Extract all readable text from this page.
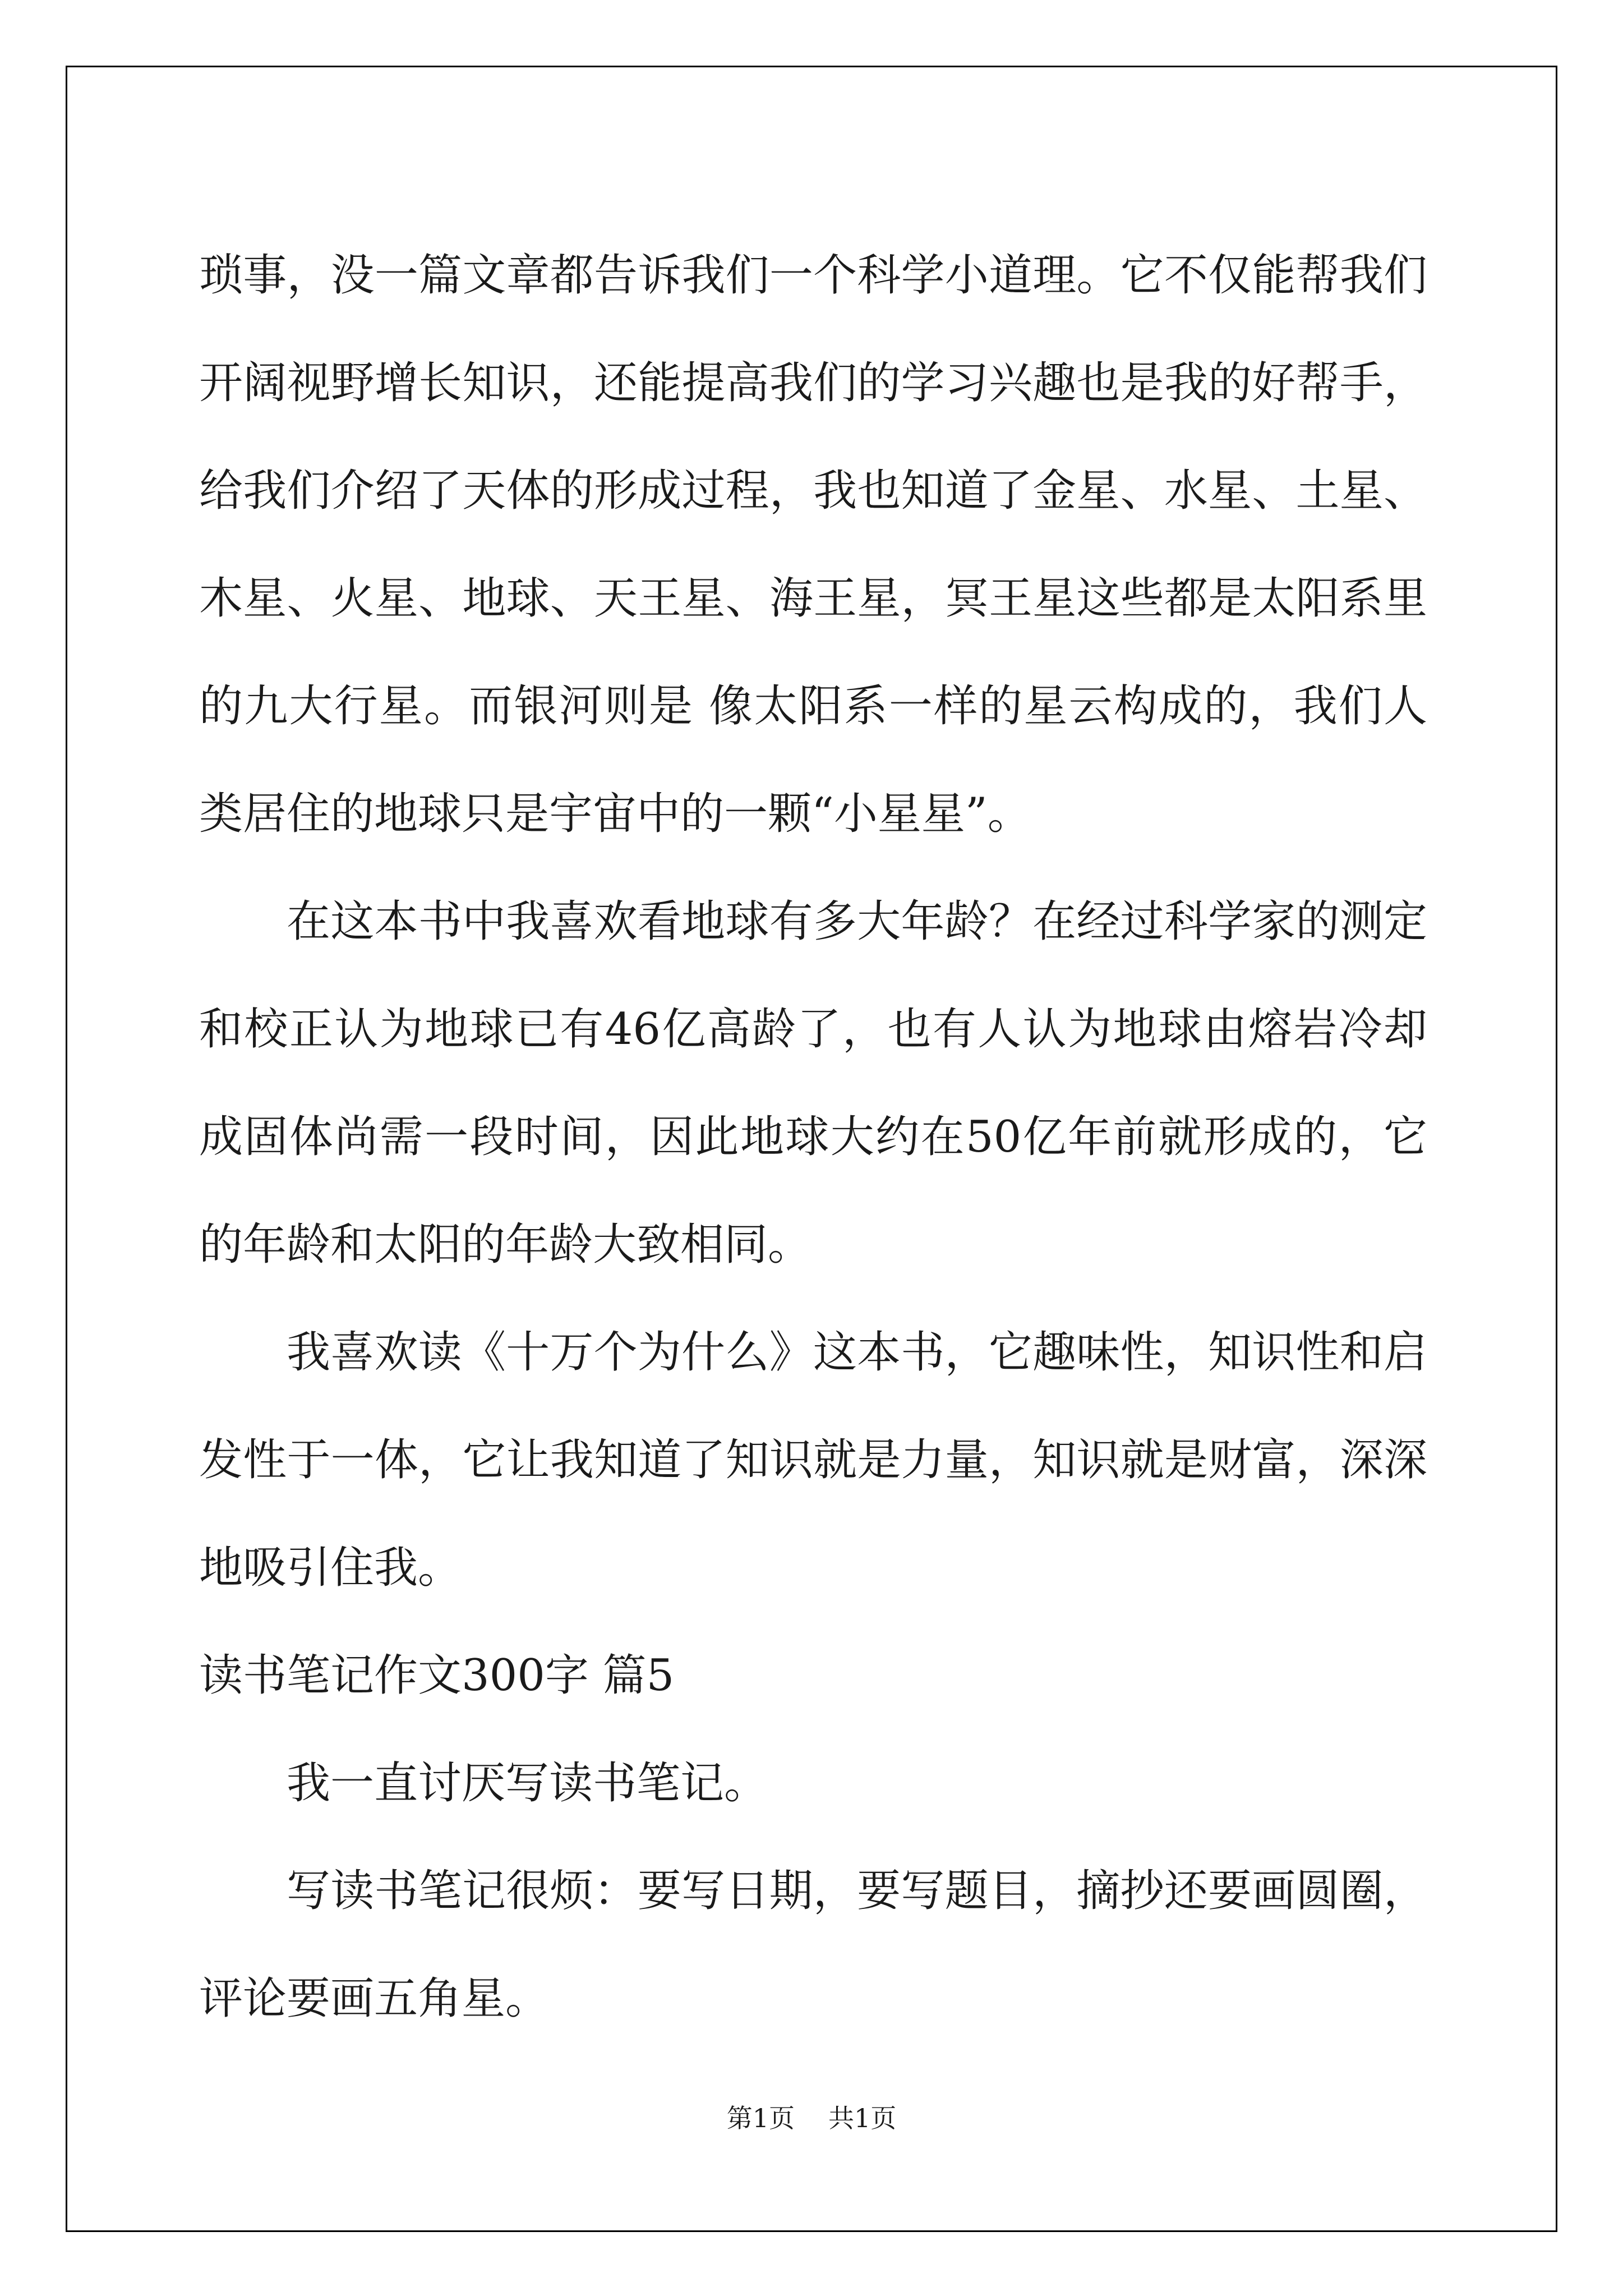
琐事，没一篇文章都告诉我们一个科学小道理。它不仅能帮我们开阔视野增长知识，还能提高我们的学习兴趣也是我的好帮手，给我们介绍了天体的形成过程，我也知道了金星、水星、土星、木星、火星、地球、天王星、海王星，冥王星这些都是太阳系里的九大行星。而银河则是 像太阳系一样的星云构成的，我们人类居住的地球只是宇宙中的一颗“小星星”。

在这本书中我喜欢看地球有多大年龄？在经过科学家的测定和校正认为地球已有46亿高龄了，也有人认为地球由熔岩冷却成固体尚需一段时间，因此地球大约在50亿年前就形成的，它的年龄和太阳的年龄大致相同。

我喜欢读《十万个为什么》这本书，它趣味性，知识性和启发性于一体，它让我知道了知识就是力量，知识就是财富，深深地吸引住我。

读书笔记作文300字 篇5

我一直讨厌写读书笔记。

写读书笔记很烦：要写日期，要写题目，摘抄还要画圆圈，评论要画五角星。

第1页 共1页
